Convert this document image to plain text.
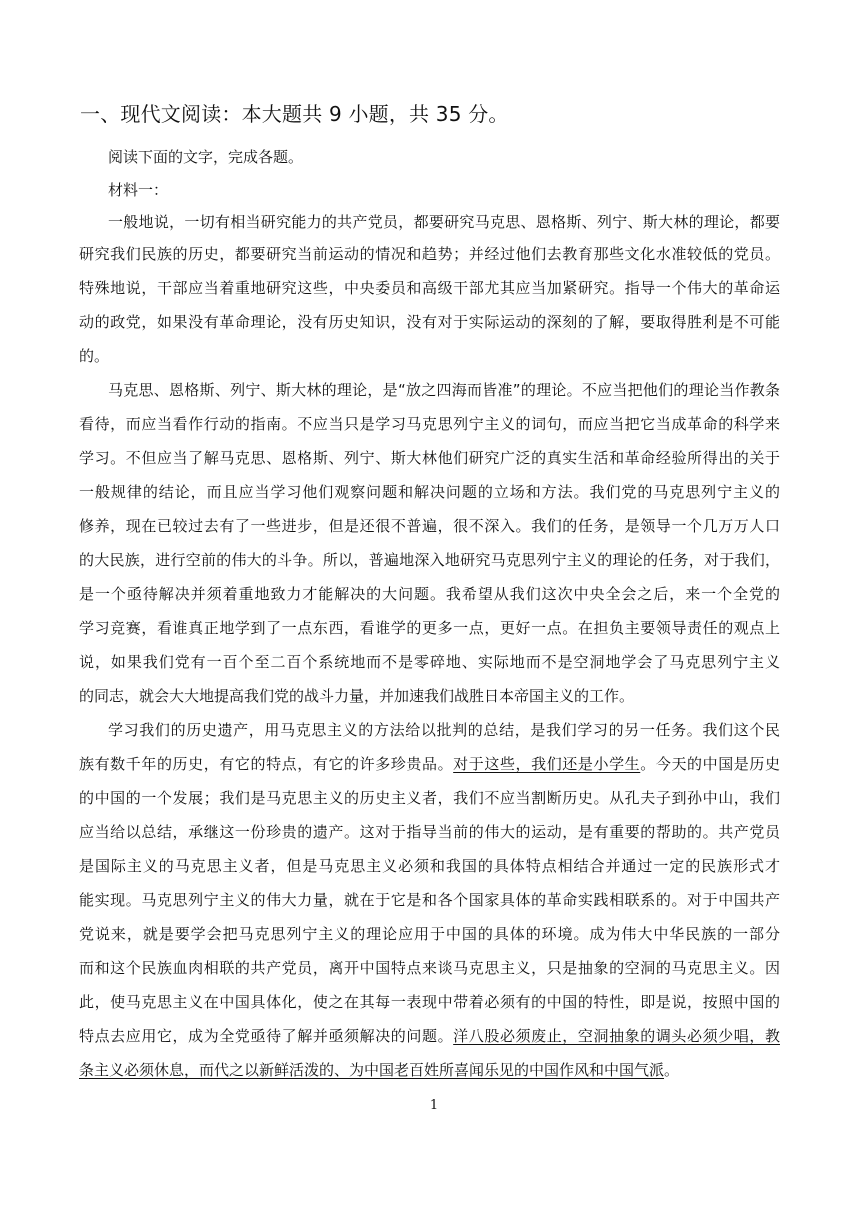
一、现代文阅读：本大题共 9 小题，共 35 分。

阅读下面的文字，完成各题。

材料一：

一般地说，一切有相当研究能力的共产党员，都要研究马克思、恩格斯、列宁、斯大林的理论，都要

研究我们民族的历史，都要研究当前运动的情况和趋势；并经过他们去教育那些文化水准较低的党员。

特殊地说，干部应当着重地研究这些，中央委员和高级干部尤其应当加紧研究。指导一个伟大的革命运

动的政党，如果没有革命理论，没有历史知识，没有对于实际运动的深刻的了解，要取得胜利是不可能

的。

马克思、恩格斯、列宁、斯大林的理论，是“放之四海而皆准”的理论。不应当把他们的理论当作教条

看待，而应当看作行动的指南。不应当只是学习马克思列宁主义的词句，而应当把它当成革命的科学来

学习。不但应当了解马克思、恩格斯、列宁、斯大林他们研究广泛的真实生活和革命经验所得出的关于

一般规律的结论，而且应当学习他们观察问题和解决问题的立场和方法。我们党的马克思列宁主义的

修养，现在已较过去有了一些进步，但是还很不普遍，很不深入。我们的任务，是领导一个几万万人口

的大民族，进行空前的伟大的斗争。所以，普遍地深入地研究马克思列宁主义的理论的任务，对于我们，

是一个亟待解决并须着重地致力才能解决的大问题。我希望从我们这次中央全会之后，来一个全党的

学习竞赛，看谁真正地学到了一点东西，看谁学的更多一点，更好一点。在担负主要领导责任的观点上

说，如果我们党有一百个至二百个系统地而不是零碎地、实际地而不是空洞地学会了马克思列宁主义

的同志，就会大大地提高我们党的战斗力量，并加速我们战胜日本帝国主义的工作。

学习我们的历史遗产，用马克思主义的方法给以批判的总结，是我们学习的另一任务。我们这个民

族有数千年的历史，有它的特点，有它的许多珍贵品。对于这些，我们还是小学生。今天的中国是历史

的中国的一个发展；我们是马克思主义的历史主义者，我们不应当割断历史。从孔夫子到孙中山，我们

应当给以总结，承继这一份珍贵的遗产。这对于指导当前的伟大的运动，是有重要的帮助的。共产党员

是国际主义的马克思主义者，但是马克思主义必须和我国的具体特点相结合并通过一定的民族形式才

能实现。马克思列宁主义的伟大力量，就在于它是和各个国家具体的革命实践相联系的。对于中国共产

党说来，就是要学会把马克思列宁主义的理论应用于中国的具体的环境。成为伟大中华民族的一部分

而和这个民族血肉相联的共产党员，离开中国特点来谈马克思主义，只是抽象的空洞的马克思主义。因

此，使马克思主义在中国具体化，使之在其每一表现中带着必须有的中国的特性，即是说，按照中国的

特点去应用它，成为全党亟待了解并亟须解决的问题。洋八股必须废止，空洞抽象的调头必须少唱，教

条主义必须休息，而代之以新鲜活泼的、为中国老百姓所喜闻乐见的中国作风和中国气派。

1
